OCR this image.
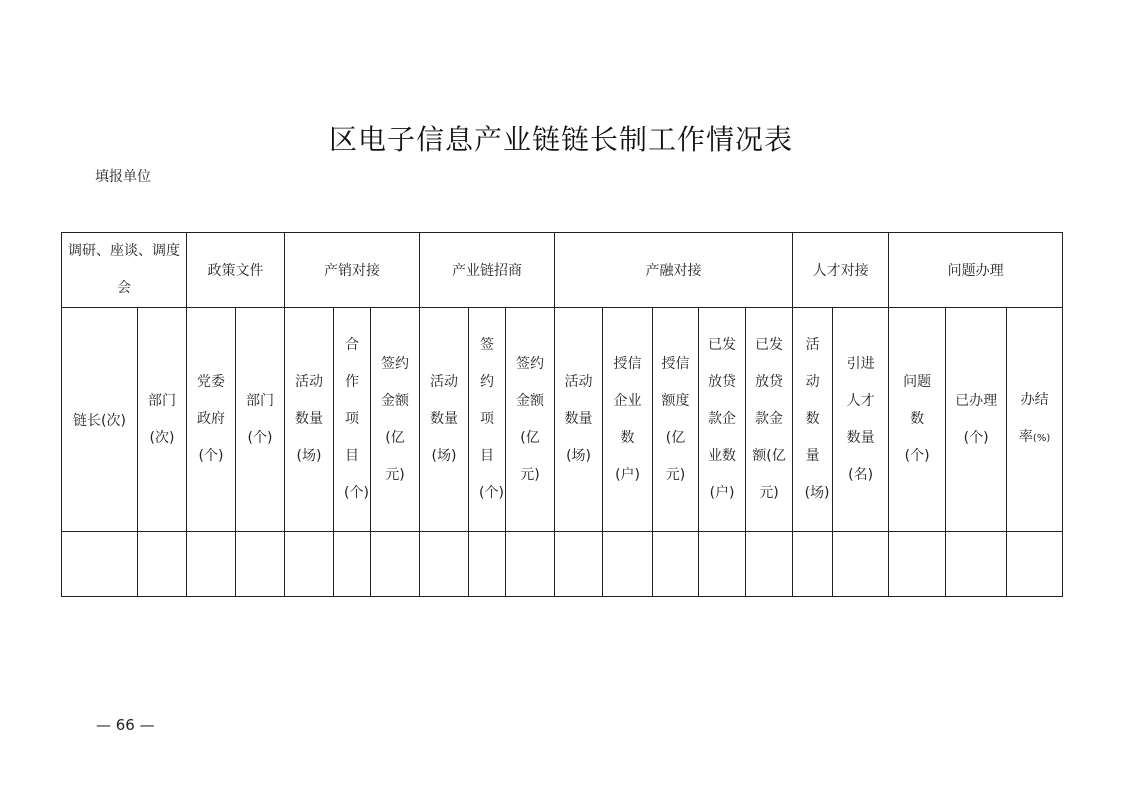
区电子信息产业链链长制工作情况表
填报单位
调研、座谈、调度会		政策文件		产销对接			产业链招商			产融对接					人才对接		问题办理		
链长(次)	部门(次)	党委政府(个)	部门(个)	活动数量(场)	合作项目(个)	签约金额(亿元)	活动数量(场)	签约项目(个)	签约金额(亿元)	活动数量(场)	授信企业数(户)	授信额度(亿元)	已发放贷款企业数(户)	已发放贷款金额(亿元)	活动数量(场)	引进人才数量(名)	问题数(个)	已办理(个)	办结率(%)

— 66 —
